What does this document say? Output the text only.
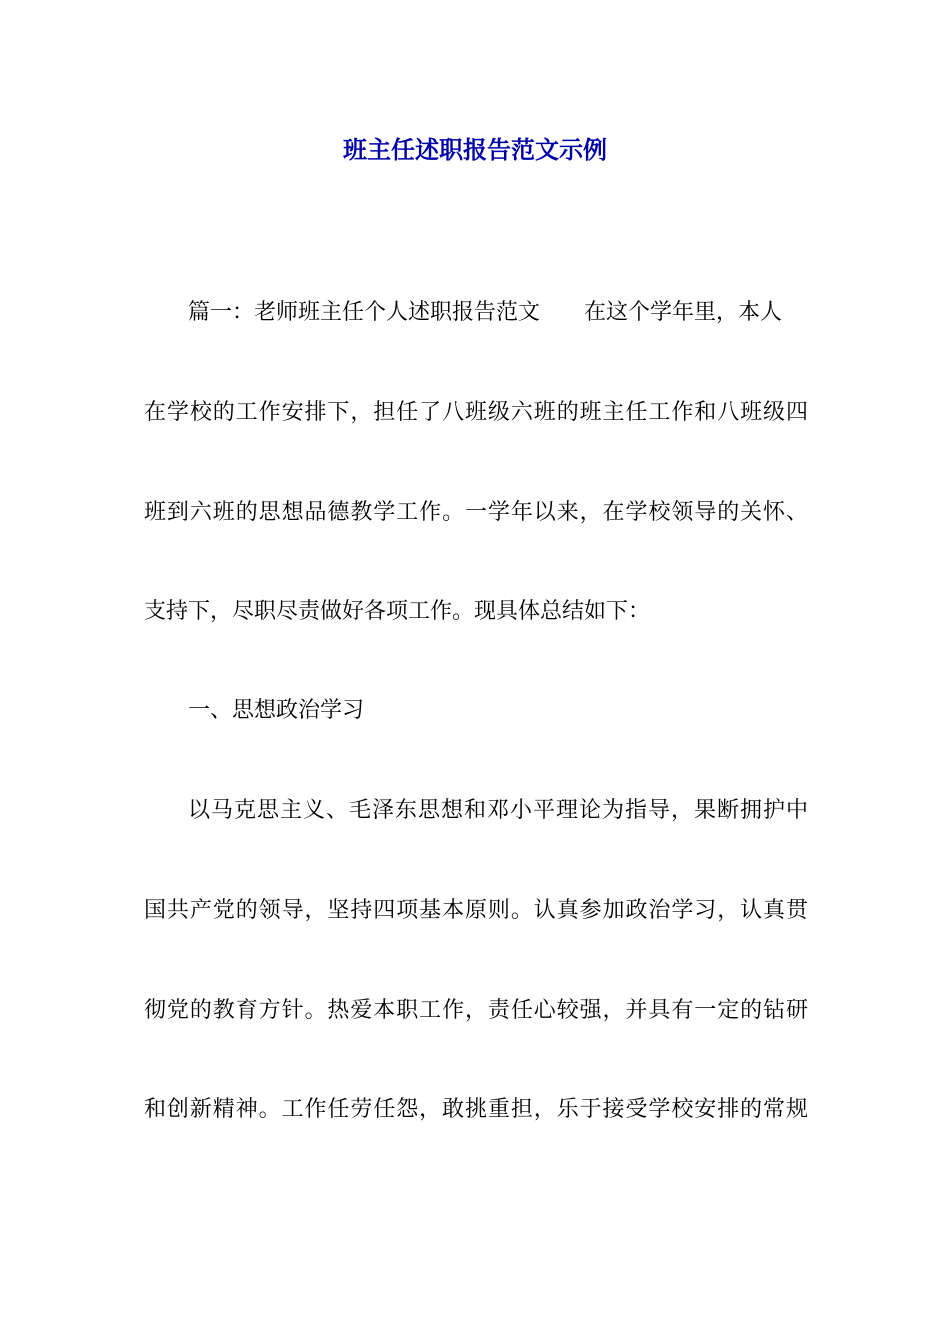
班主任述职报告范文示例

篇一：老师班主任个人述职报告范文 在这个学年里，本人

在学校的工作安排下，担任了八班级六班的班主任工作和八班级四

班到六班的思想品德教学工作。一学年以来，在学校领导的关怀、

支持下，尽职尽责做好各项工作。现具体总结如下：

一、思想政治学习

以马克思主义、毛泽东思想和邓小平理论为指导，果断拥护中

国共产党的领导，坚持四项基本原则。认真参加政治学习，认真贯

彻党的教育方针。热爱本职工作，责任心较强，并具有一定的钻研

和创新精神。工作任劳任怨，敢挑重担，乐于接受学校安排的常规
